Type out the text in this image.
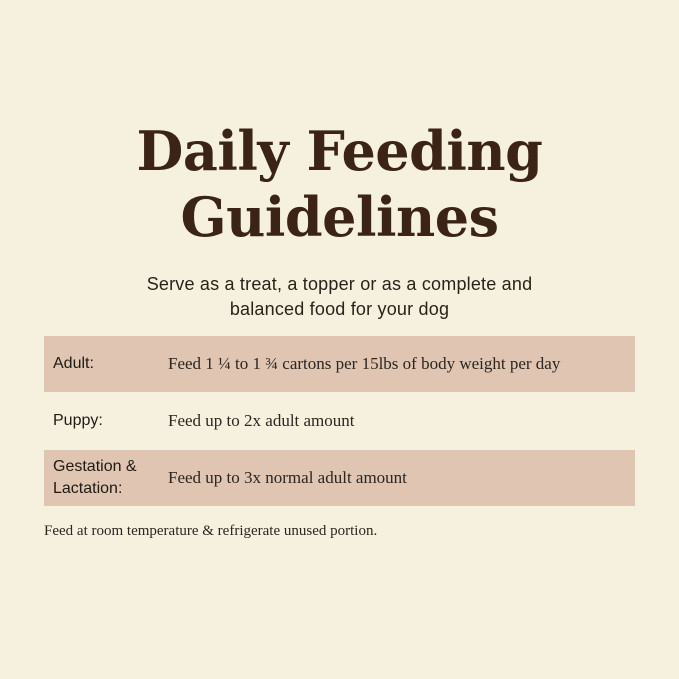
Daily Feeding
Guidelines
Serve as a treat, a topper or as a complete and
balanced food for your dog
Adult:	Feed 1 ¼ to 1 ¾ cartons per 15lbs of body weight per day
Puppy:	Feed up to 2x adult amount
Gestation & Lactation:
Feed up to 3x normal adult amount
Feed at room temperature & refrigerate unused portion.
